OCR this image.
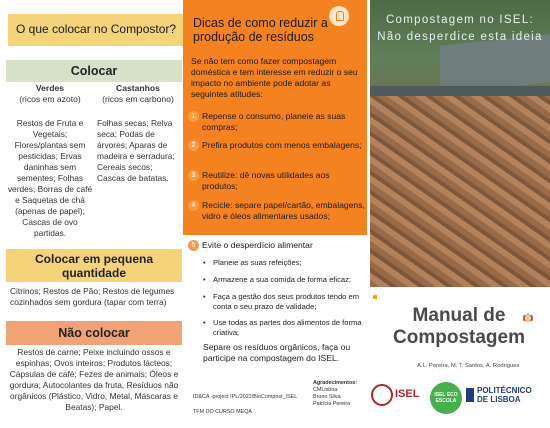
O que colocar no Compostor?
Colocar
Verdes
(ricos em azoto)
Castanhos
(ricos em carbono)
Restos de Fruta e Vegetais; Flores/plantas sem pesticidas; Ervas daninhas sem sementes; Folhas verdes; Borras de café e Saquetas de chá (apenas de papel); Cascas de ovo partidas.
Folhas secas; Relva seca; Podas de árvores; Aparas de madeira e serradura; Cereais secos; Cascas de batatas.
Colocar em pequena quantidade
Citrinos; Restos de Pão; Restos de legumes cozinhados sem gordura (tapar com terra)
Não colocar
Restos de carne; Peixe incluindo ossos e espinhas; Ovos inteiros; Produtos lácteos; Cápsulas de café; Fezes de animais; Óleos e gordura; Autocolantes da fruta, Resíduos não orgânicos (Plástico, Vidro, Metal, Máscaras e Beatas); Papel.
Dicas de como reduzir a produção de resíduos
Se não tem como fazer compostagem doméstica e tem interesse em reduzir o seu impacto no ambiente pode adotar as seguintes atitudes:
1 Repense o consumo, planeie as suas compras;
2 Prefira produtos com menos embalagens;
3 Reutilize: dê novas utilidades aos produtos;
4 Recicle: separe papel/cartão, embalagens, vidro e óleos alimentares usados;
5 Evite o desperdício alimentar
• Planeie as suas refeições;
• Armazene a sua comida de forma eficaz;
• Faça a gestão dos seus produtos tendo em conta o seu prazo de validade;
• Use todas as partes dos alimentos de forma criativa;
Separe os resíduos orgânicos, faça ou participe na compostagem do ISEL.
ID&CA -project IPL/2022/BioCompost_ISEL
TFM DO CURSO MEQA
Agradecimentos:
CMLisboa
Bruno Silva
Patrícia Pereira
Compostagem no ISEL:
Não desperdice esta ideia
Manual de
Compostagem
A.L. Pereira, M. T. Santos, A. Rodrigues
ISEL	ISEL ECO ESCOLA
POLITÉCNICO
DE LISBOA
